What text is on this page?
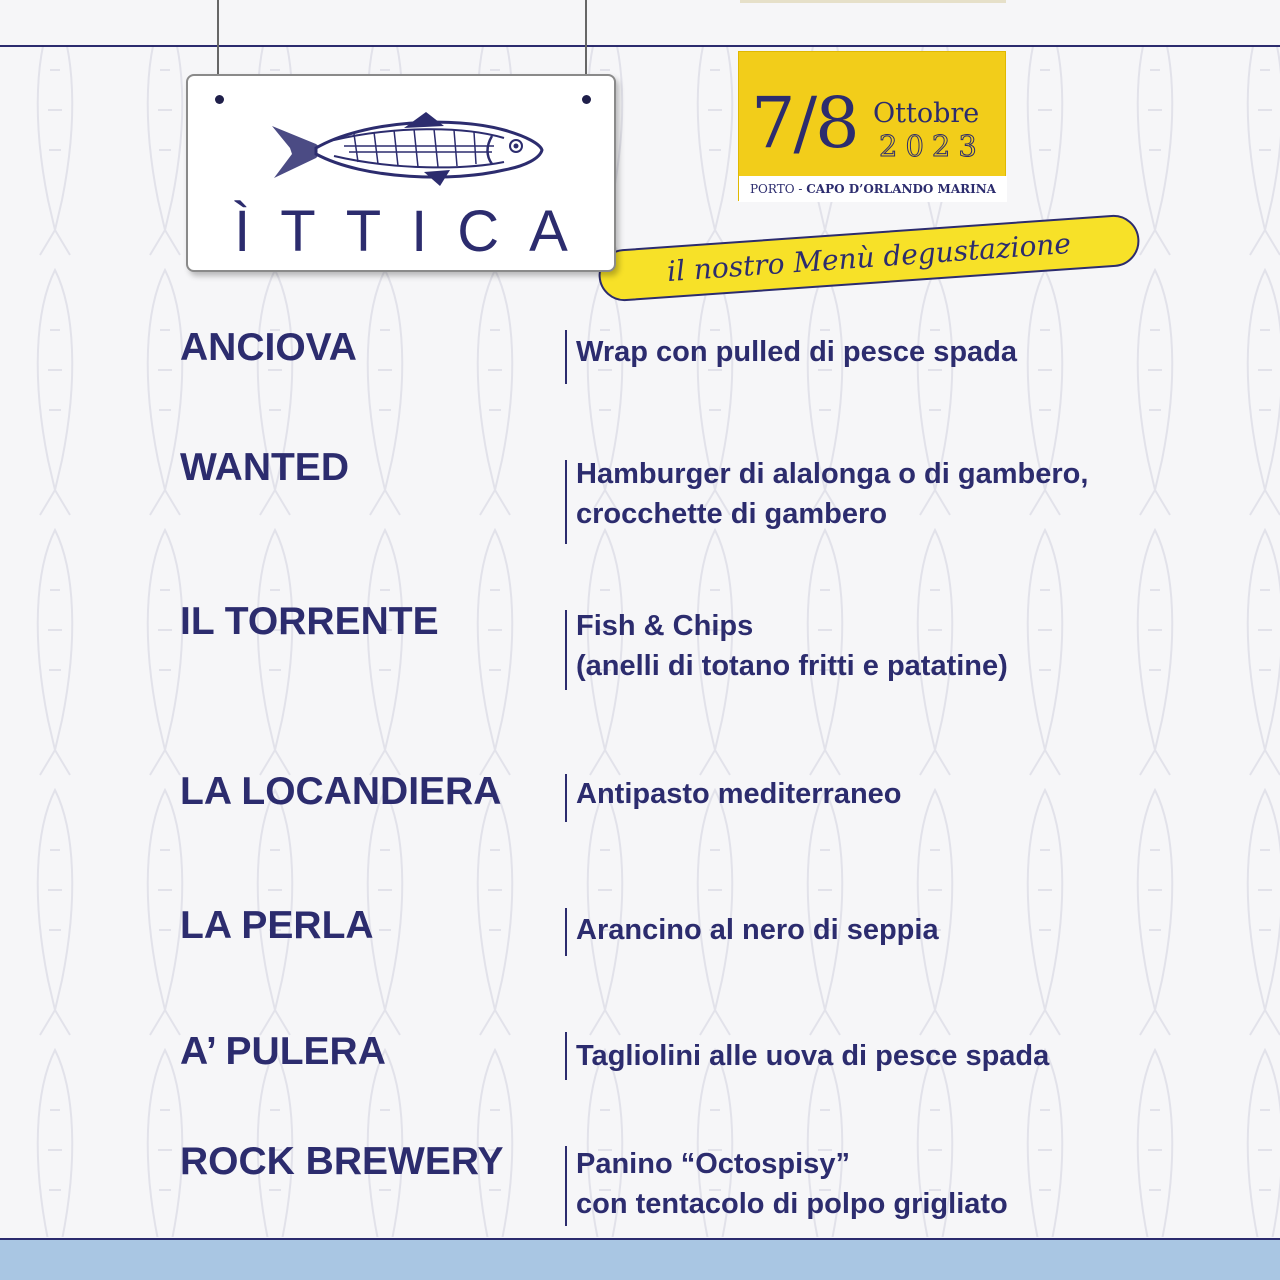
ÌTTICA
7/8 Ottobre
2023
PORTO - CAPO D’ORLANDO MARINA
il nostro Menù degustazione
ANCIOVA	Wrap con pulled di pesce spada
WANTED	Hamburger di alalonga o di gambero,
crocchette di gambero
IL TORRENTE	Fish & Chips
(anelli di totano fritti e patatine)
LA LOCANDIERA	Antipasto mediterraneo
LA PERLA	Arancino al nero di seppia
A’ PULERA	Tagliolini alle uova di pesce spada
ROCK BREWERY Panino “Octospisy”
con tentacolo di polpo grigliato
